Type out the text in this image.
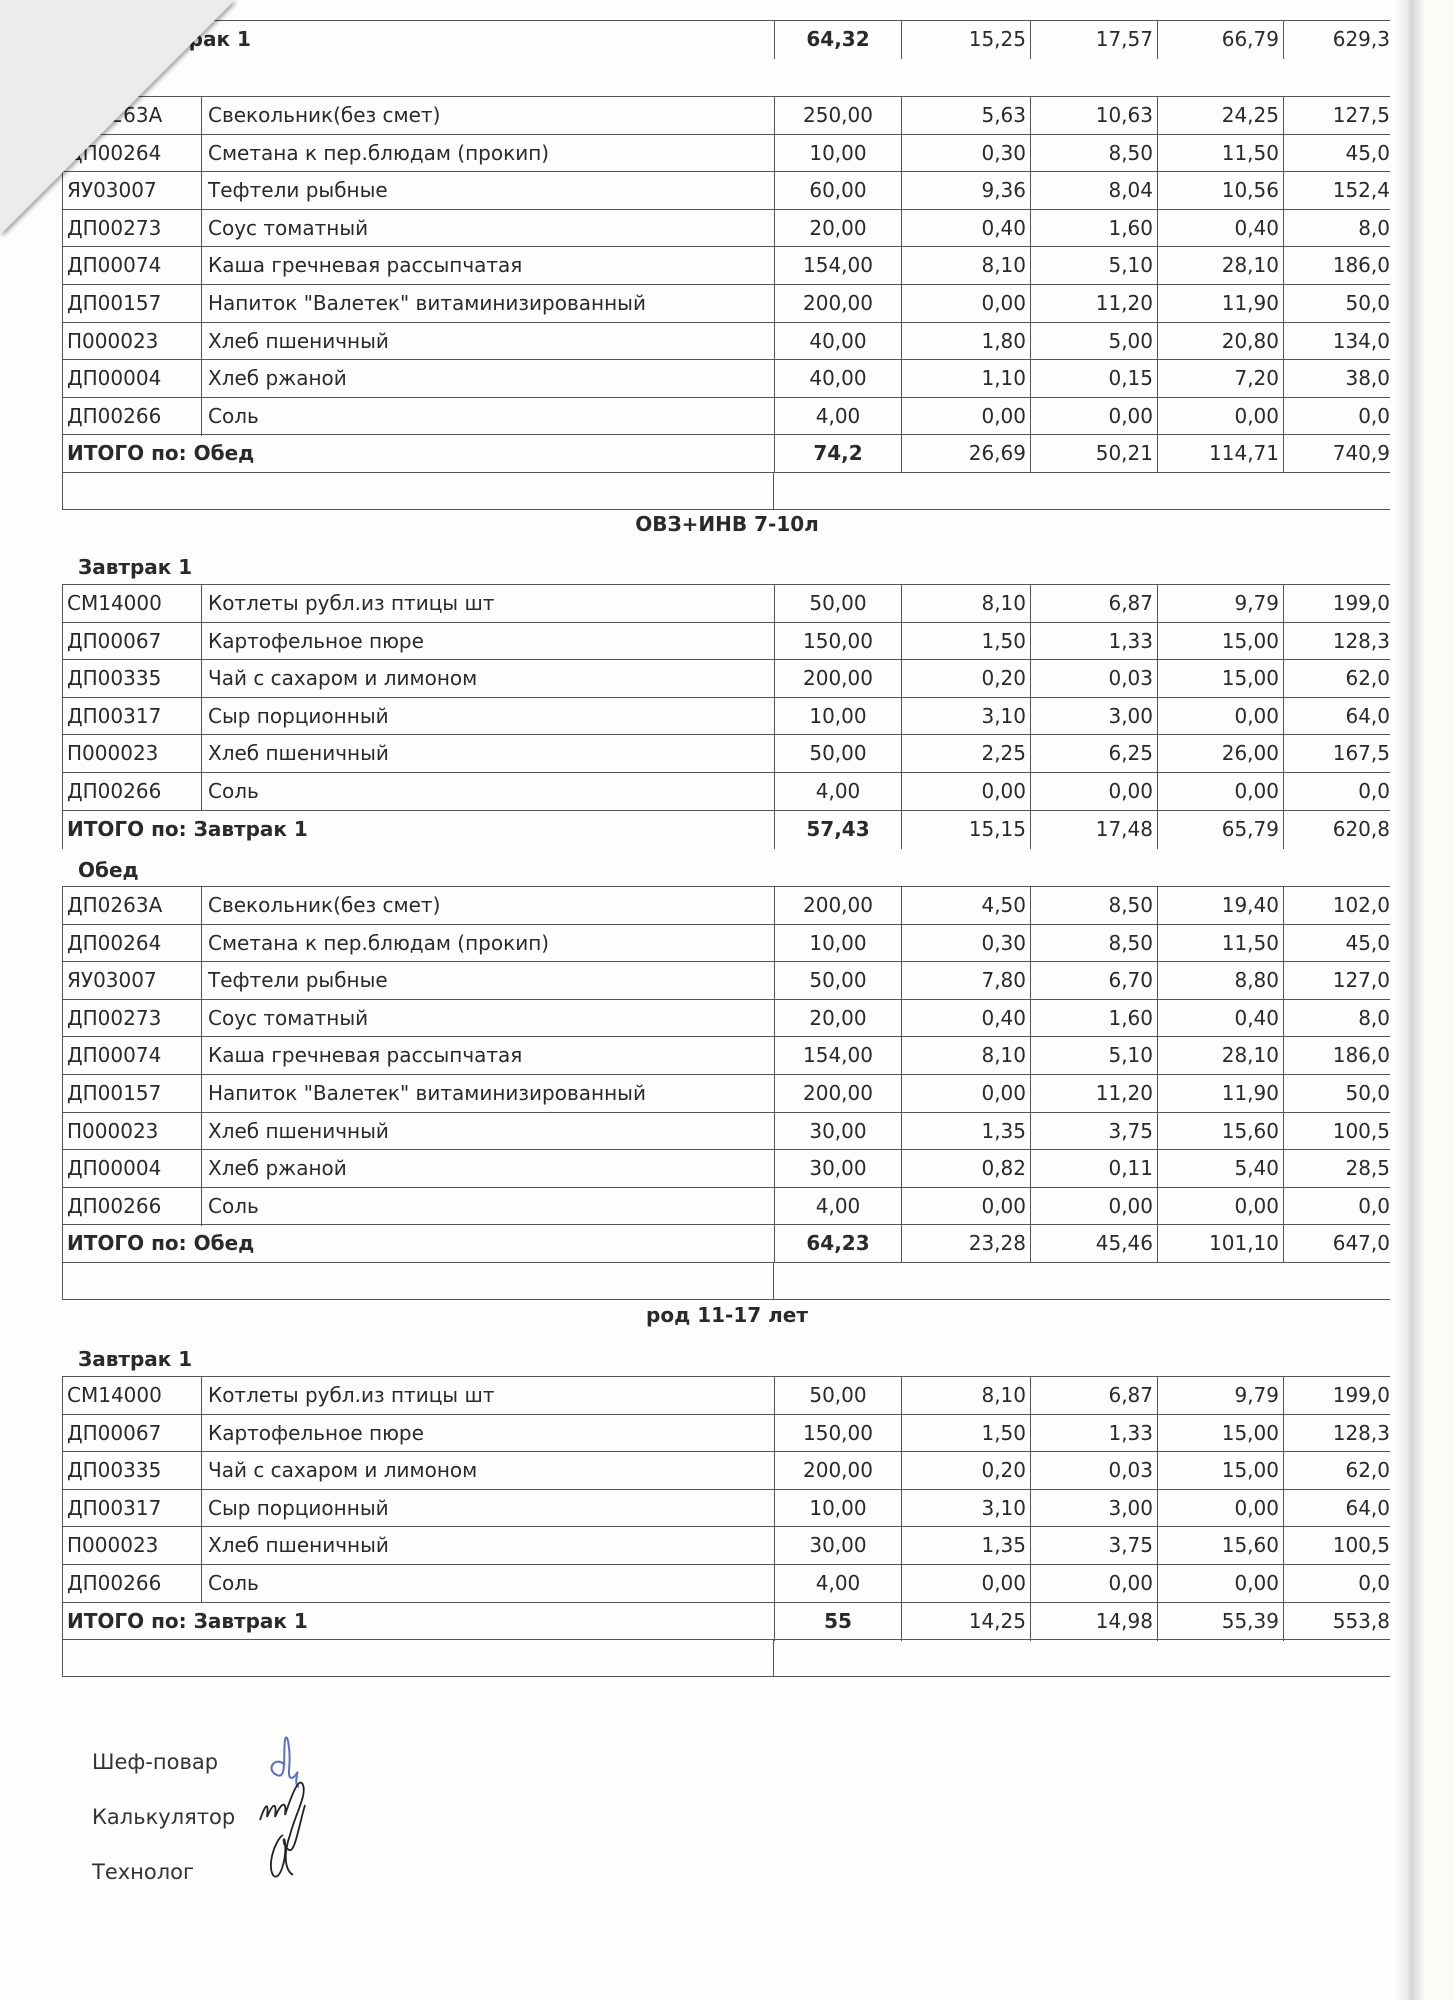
о: Завтрак 1	64,32	15,25	17,57	66,79	629,3
ед
ДП0263А	Свекольник(без смет)	250,00	5,63	10,63	24,25	127,5
ДП00264	Сметана к пер.блюдам (прокип)	10,00	0,30	8,50	11,50	45,0
ЯУ03007	Тефтели рыбные	60,00	9,36	8,04	10,56	152,4
ДП00273	Соус томатный	20,00	0,40	1,60	0,40	8,0
ДП00074	Каша гречневая рассыпчатая	154,00	8,10	5,10	28,10	186,0
ДП00157	Напиток "Валетек" витаминизированный	200,00	0,00	11,20	11,90	50,0
П000023	Хлеб пшеничный	40,00	1,80	5,00	20,80	134,0
ДП00004	Хлеб ржаной	40,00	1,10	0,15	7,20	38,0
ДП00266	Соль	4,00	0,00	0,00	0,00	0,0
ИТОГО по: Обед	74,2	26,69	50,21	114,71	740,9
ОВЗ+ИНВ 7-10л
Завтрак 1
СМ14000	Котлеты рубл.из птицы шт	50,00	8,10	6,87	9,79	199,0
ДП00067	Картофельное пюре	150,00	1,50	1,33	15,00	128,3
ДП00335	Чай с сахаром и лимоном	200,00	0,20	0,03	15,00	62,0
ДП00317	Сыр порционный	10,00	3,10	3,00	0,00	64,0
П000023	Хлеб пшеничный	50,00	2,25	6,25	26,00	167,5
ДП00266	Соль	4,00	0,00	0,00	0,00	0,0
ИТОГО по: Завтрак 1	57,43	15,15	17,48	65,79	620,8
Обед
ДП0263А	Свекольник(без смет)	200,00	4,50	8,50	19,40	102,0
ДП00264	Сметана к пер.блюдам (прокип)	10,00	0,30	8,50	11,50	45,0
ЯУ03007	Тефтели рыбные	50,00	7,80	6,70	8,80	127,0
ДП00273	Соус томатный	20,00	0,40	1,60	0,40	8,0
ДП00074	Каша гречневая рассыпчатая	154,00	8,10	5,10	28,10	186,0
ДП00157	Напиток "Валетек" витаминизированный	200,00	0,00	11,20	11,90	50,0
П000023	Хлеб пшеничный	30,00	1,35	3,75	15,60	100,5
ДП00004	Хлеб ржаной	30,00	0,82	0,11	5,40	28,5
ДП00266	Соль	4,00	0,00	0,00	0,00	0,0
ИТОГО по: Обед	64,23	23,28	45,46	101,10	647,0
род 11-17 лет
Завтрак 1
СМ14000	Котлеты рубл.из птицы шт	50,00	8,10	6,87	9,79	199,0
ДП00067	Картофельное пюре	150,00	1,50	1,33	15,00	128,3
ДП00335	Чай с сахаром и лимоном	200,00	0,20	0,03	15,00	62,0
ДП00317	Сыр порционный	10,00	3,10	3,00	0,00	64,0
П000023	Хлеб пшеничный	30,00	1,35	3,75	15,60	100,5
ДП00266	Соль	4,00	0,00	0,00	0,00	0,0
ИТОГО по: Завтрак 1	55	14,25	14,98	55,39	553,8
Шеф-повар
Калькулятор
Технолог
